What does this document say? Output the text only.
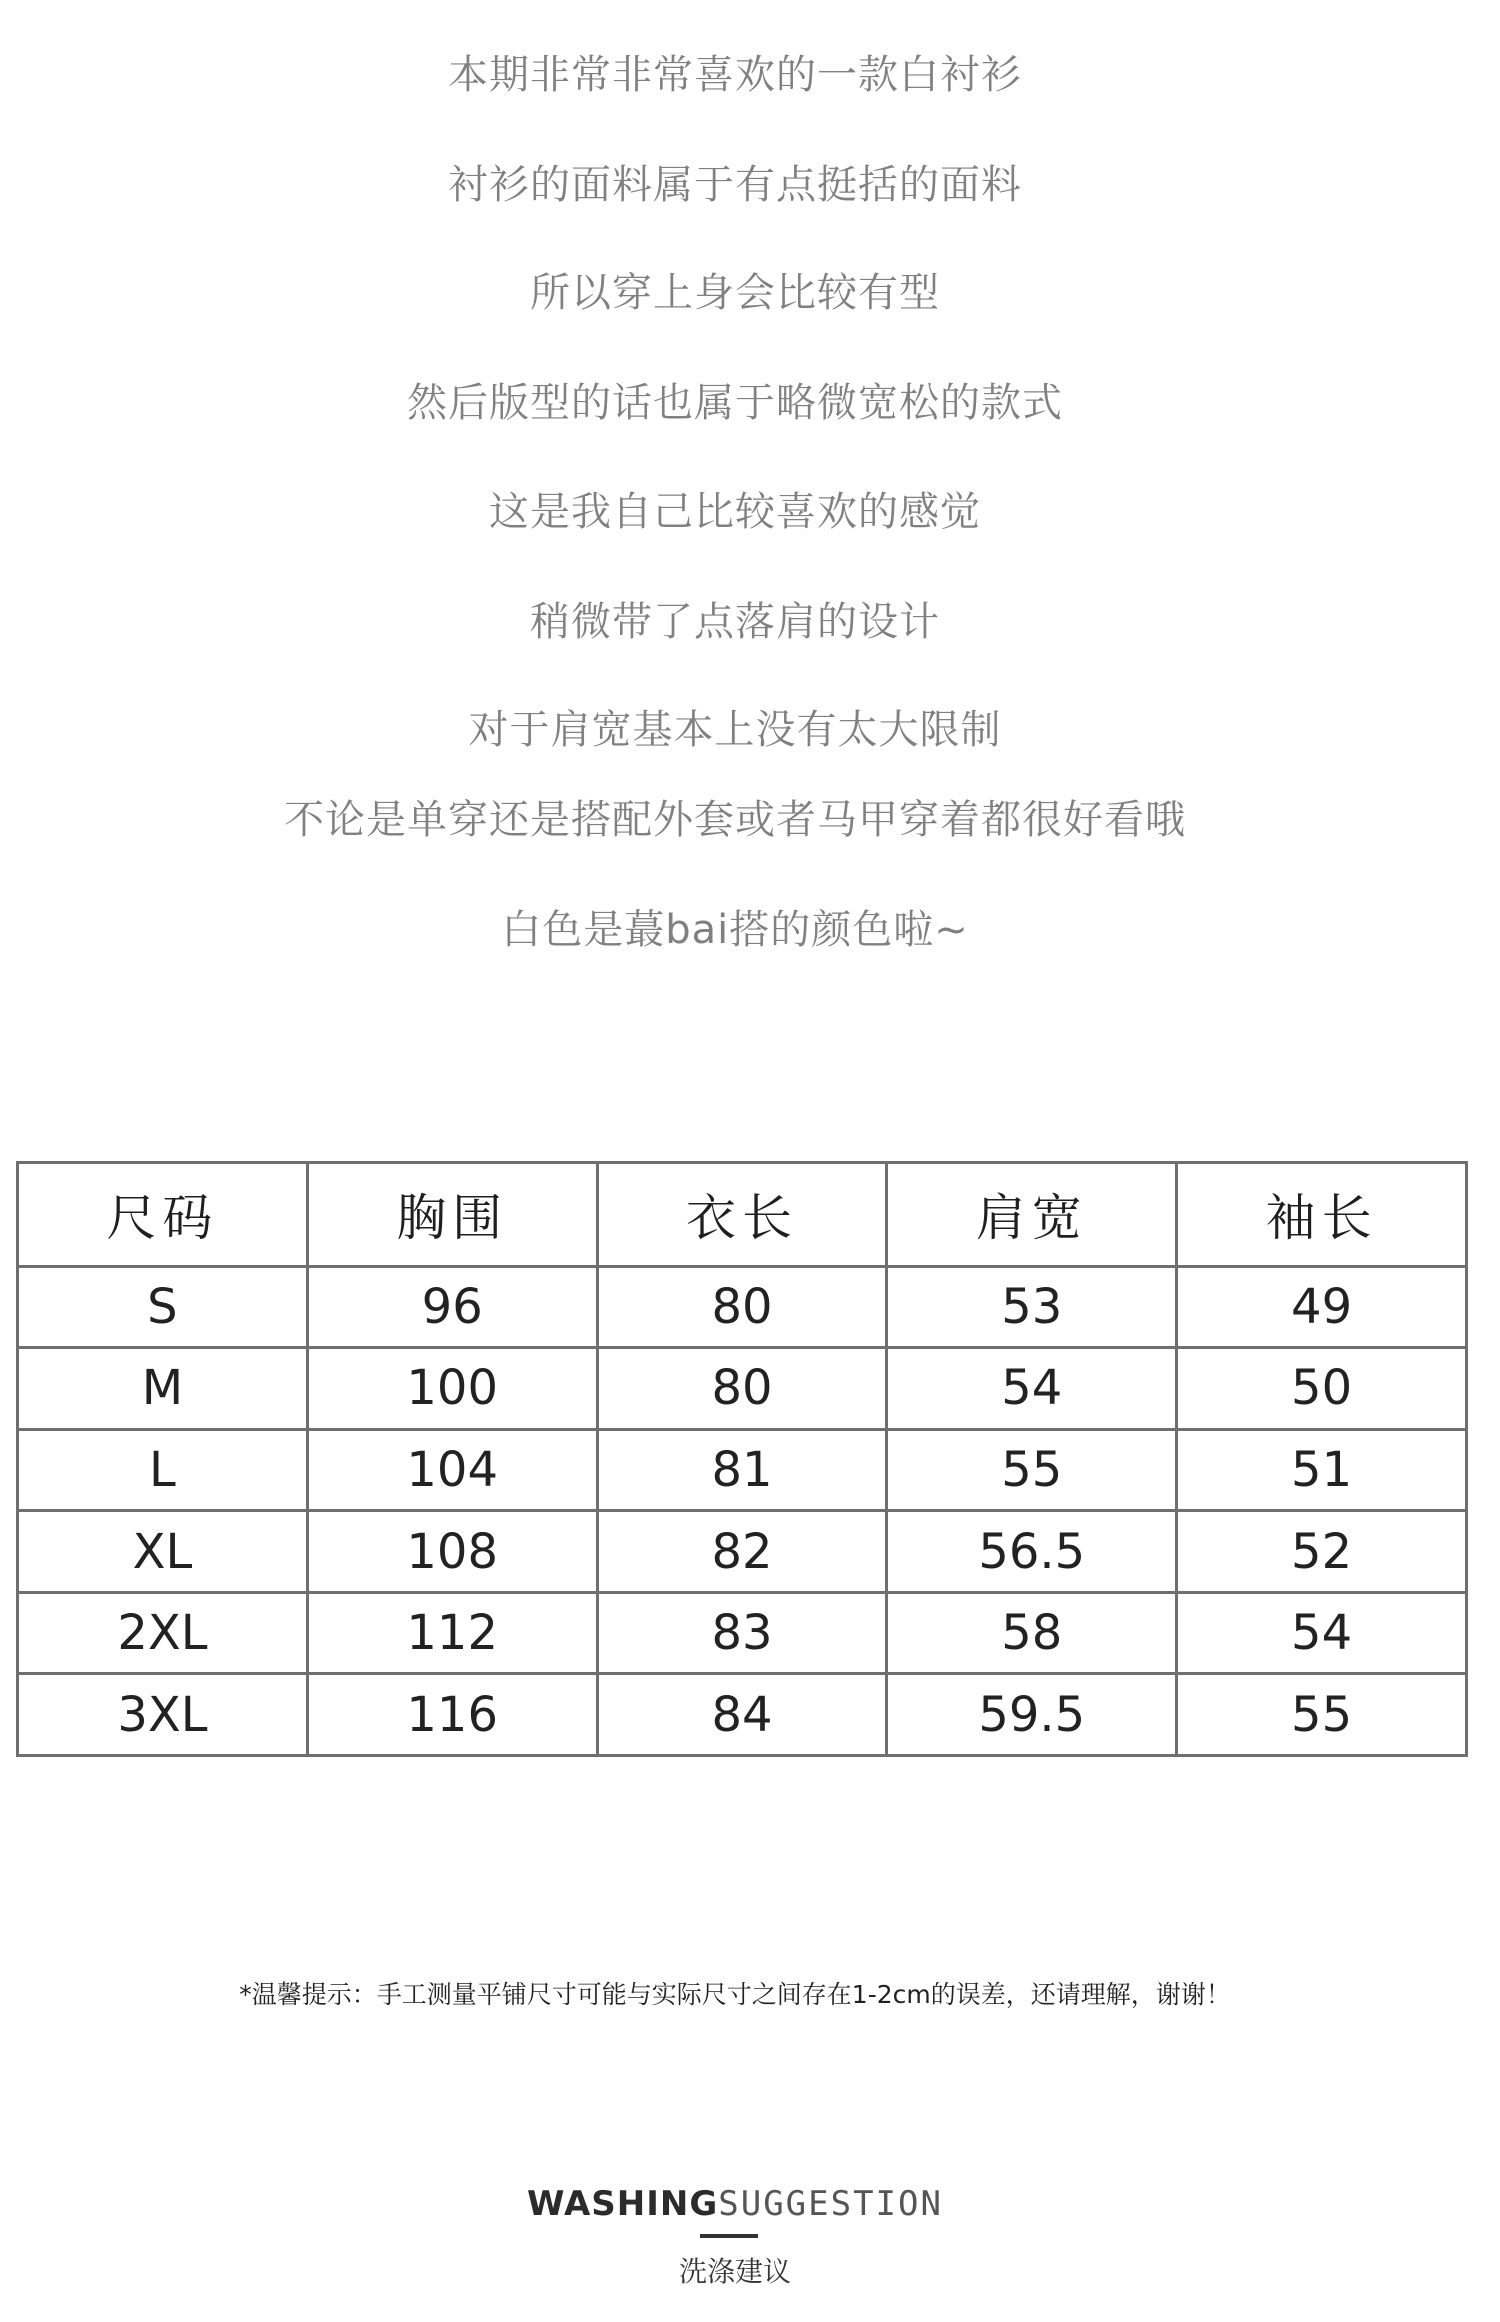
本期非常非常喜欢的一款白衬衫
衬衫的面料属于有点挺括的面料
所以穿上身会比较有型
然后版型的话也属于略微宽松的款式
这是我自己比较喜欢的感觉
稍微带了点落肩的设计
对于肩宽基本上没有太大限制
不论是单穿还是搭配外套或者马甲穿着都很好看哦
白色是蕞bai搭的颜色啦~
尺码	胸围	衣长	肩宽	袖长
S	96	80	53	49
M	100	80	54	50
L	104	81	55	51
XL	108	82	56.5	52
2XL	112	83	58	54
3XL	116	84	59.5	55
*温馨提示：手工测量平铺尺寸可能与实际尺寸之间存在1-2cm的误差，还请理解，谢谢！
WASHINGSUGGESTION
洗涤建议
